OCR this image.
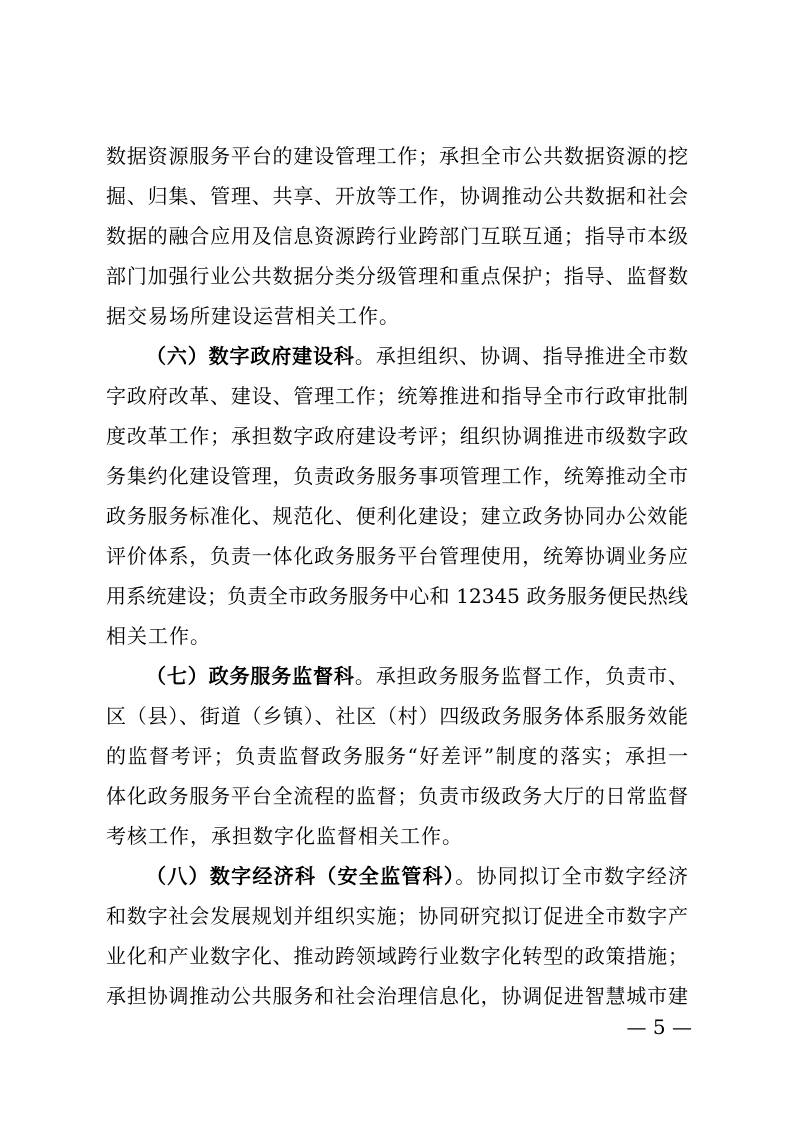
数据资源服务平台的建设管理工作；承担全市公共数据资源的挖
掘、归集、管理、共享、开放等工作，协调推动公共数据和社会
数据的融合应用及信息资源跨行业跨部门互联互通；指导市本级
部门加强行业公共数据分类分级管理和重点保护；指导、监督数
据交易场所建设运营相关工作。
（六）数字政府建设科。承担组织、协调、指导推进全市数
字政府改革、建设、管理工作；统筹推进和指导全市行政审批制
度改革工作；承担数字政府建设考评；组织协调推进市级数字政
务集约化建设管理，负责政务服务事项管理工作，统筹推动全市
政务服务标准化、规范化、便利化建设；建立政务协同办公效能
评价体系，负责一体化政务服务平台管理使用，统筹协调业务应
用系统建设；负责全市政务服务中心和 12345 政务服务便民热线
相关工作。
（七）政务服务监督科。承担政务服务监督工作，负责市、
区（县）、街道（乡镇）、社区（村）四级政务服务体系服务效能
的监督考评；负责监督政务服务“好差评”制度的落实；承担一
体化政务服务平台全流程的监督；负责市级政务大厅的日常监督
考核工作，承担数字化监督相关工作。
（八）数字经济科（安全监管科）。协同拟订全市数字经济
和数字社会发展规划并组织实施；协同研究拟订促进全市数字产
业化和产业数字化、推动跨领域跨行业数字化转型的政策措施；
承担协调推动公共服务和社会治理信息化，协调促进智慧城市建
— 5 —
